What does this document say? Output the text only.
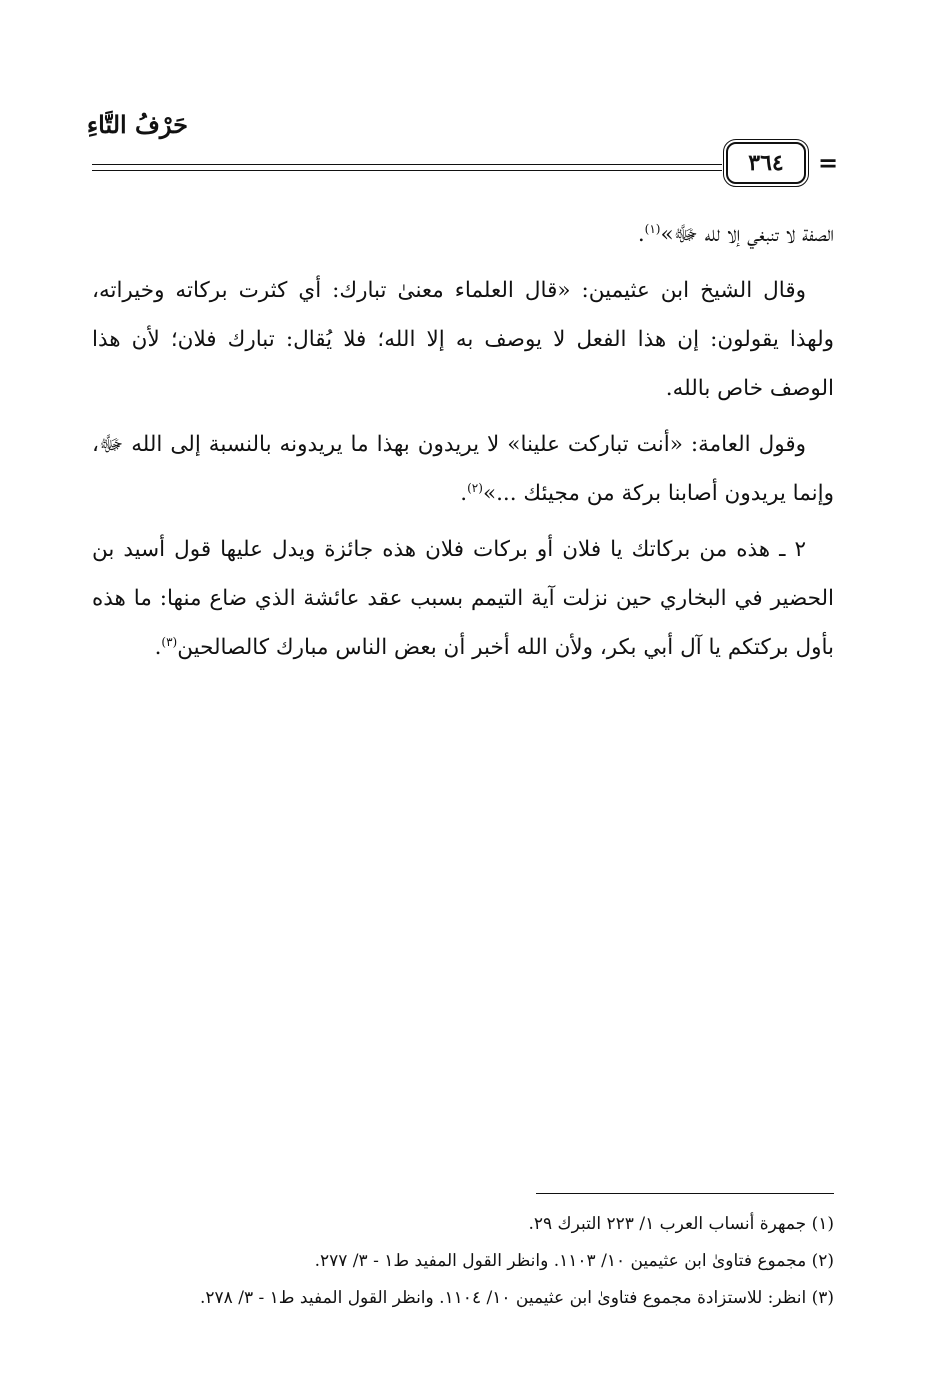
حَرْفُ التَّاءِ
٣٦٤	=

الصفة لا تنبغي إلا لله ﷻ»$^{(١)}$.

وقال الشيخ ابن عثيمين: «قال العلماء معنىٰ تبارك: أي كثرت بركاته وخيراته، ولهذا يقولون: إن هذا الفعل لا يوصف به إلا الله؛ فلا يُقال: تبارك فلان؛ لأن هذا الوصف خاص بالله.

وقول العامة: «أنت تباركت علينا» لا يريدون بهذا ما يريدونه بالنسبة إلى الله ﷻ، وإنما يريدون أصابنا بركة من مجيئك ...»$^{(٢)}$.

٢ ـ هذه من بركاتك يا فلان أو بركات فلان هذه جائزة ويدل عليها قول أسيد بن الحضير في البخاري حين نزلت آية التيمم بسبب عقد عائشة الذي ضاع منها: ما هذه بأول بركتكم يا آل أبي بكر، ولأن الله أخبر أن بعض الناس مبارك كالصالحين$^{(٣)}$.

(١) جمهرة أنساب العرب ١/ ٢٢٣ التبرك ٢٩.
(٢) مجموع فتاوىٰ ابن عثيمين ١٠/ ١١٠٣. وانظر القول المفيد ط١ - ٣/ ٢٧٧.
(٣) انظر: للاستزادة مجموع فتاوىٰ ابن عثيمين ١٠/ ١١٠٤. وانظر القول المفيد ط١ - ٣/ ٢٧٨.
